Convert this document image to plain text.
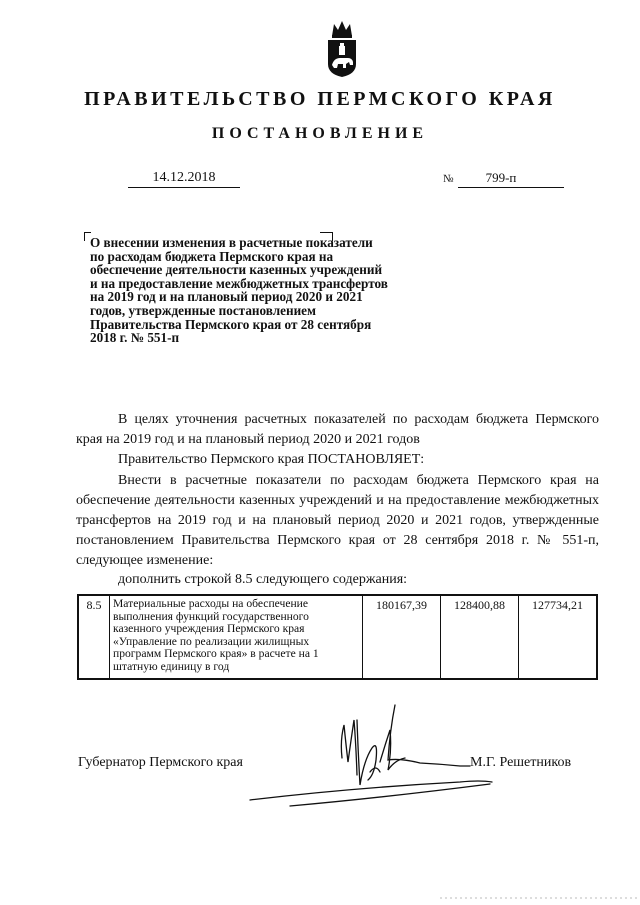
ПРАВИТЕЛЬСТВО ПЕРМСКОГО КРАЯ
ПОСТАНОВЛЕНИЕ
14.12.2018	№	799-п
О внесении изменения в расчетные показатели по расходам бюджета Пермского края на обеспечение деятельности казенных учреждений и на предоставление межбюджетных трансфертов на 2019 год и на плановый период 2020 и 2021 годов, утвержденные постановлением Правительства Пермского края от 28 сентября 2018 г. № 551-п
В целях уточнения расчетных показателей по расходам бюджета Пермского края на 2019 год и на плановый период 2020 и 2021 годов
Правительство Пермского края ПОСТАНОВЛЯЕТ:
Внести в расчетные показатели по расходам бюджета Пермского края на обеспечение деятельности казенных учреждений и на предоставление межбюджетных трансфертов на 2019 год и на плановый период 2020 и 2021 годов, утвержденные постановлением Правительства Пермского края от 28 сентября 2018 г. № 551-п, следующее изменение:
дополнить строкой 8.5 следующего содержания:
8.5	Материальные расходы на обеспечение выполнения функций государственного казенного учреждения Пермского края «Управление по реализации жилищных программ Пермского края» в расчете на 1 штатную единицу в год	180167,39	128400,88	127734,21
Губернатор Пермского края	М.Г. Решетников
